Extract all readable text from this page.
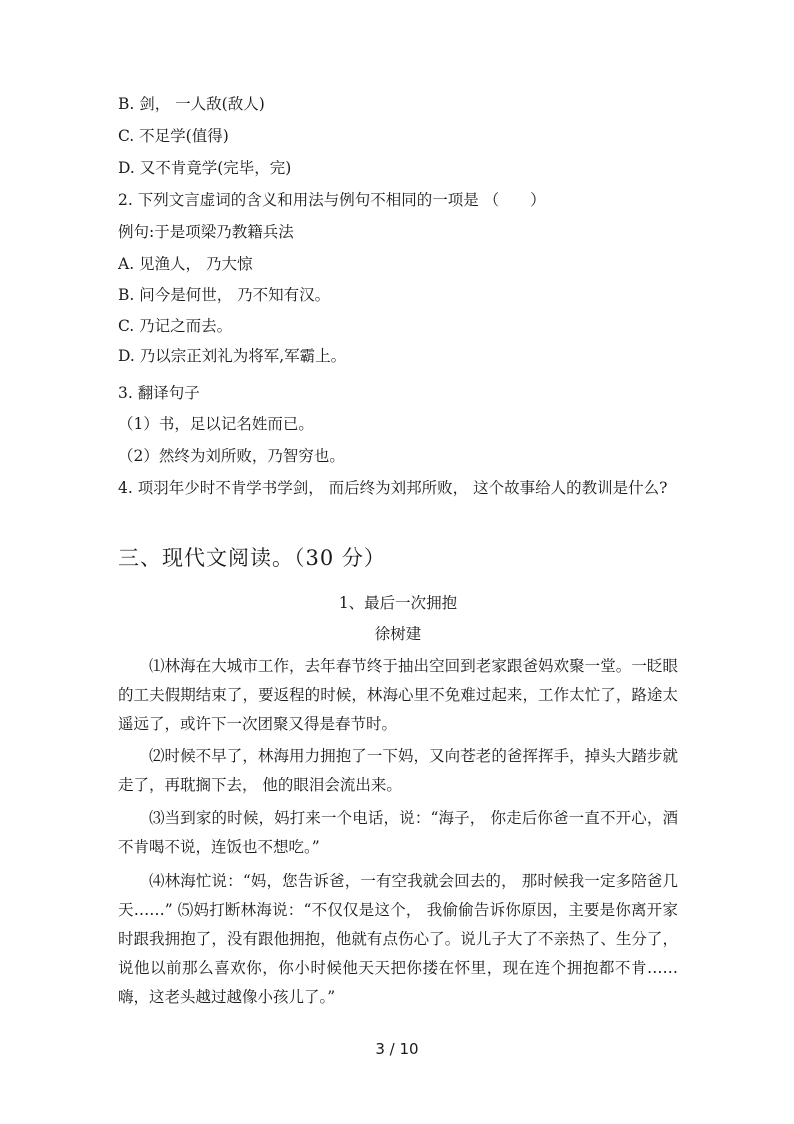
B. 剑， 一人敌(敌人)
C. 不足学(值得)
D. 又不肯竟学(完毕，完)
2. 下列文言虚词的含义和用法与例句不相同的一项是 （　　）
例句:于是项梁乃教籍兵法
A. 见渔人， 乃大惊
B. 问今是何世， 乃不知有汉。
C. 乃记之而去。
D. 乃以宗正刘礼为将军,军霸上。
3. 翻译句子
（1）书，足以记名姓而已。
（2）然终为刘所败，乃智穷也。
4. 项羽年少时不肯学书学剑， 而后终为刘邦所败， 这个故事给人的教训是什么?
三、现代文阅读。（30 分）
1、最后一次拥抱
徐树建
⑴林海在大城市工作，去年春节终于抽出空回到老家跟爸妈欢聚一堂。一眨眼的工夫假期结束了，要返程的时候，林海心里不免难过起来，工作太忙了，路途太遥远了，或许下一次团聚又得是春节时。
⑵时候不早了，林海用力拥抱了一下妈，又向苍老的爸挥挥手，掉头大踏步就走了，再耽搁下去， 他的眼泪会流出来。
⑶当到家的时候，妈打来一个电话，说：“海子， 你走后你爸一直不开心，酒不肯喝不说，连饭也不想吃。”
⑷林海忙说：“妈，您告诉爸，一有空我就会回去的， 那时候我一定多陪爸几天……” ⑸妈打断林海说：“不仅仅是这个， 我偷偷告诉你原因，主要是你离开家时跟我拥抱了，没有跟他拥抱，他就有点伤心了。说儿子大了不亲热了、生分了，说他以前那么喜欢你，你小时候他天天把你搂在怀里，现在连个拥抱都不肯……嗨，这老头越过越像小孩儿了。”
3 / 10
